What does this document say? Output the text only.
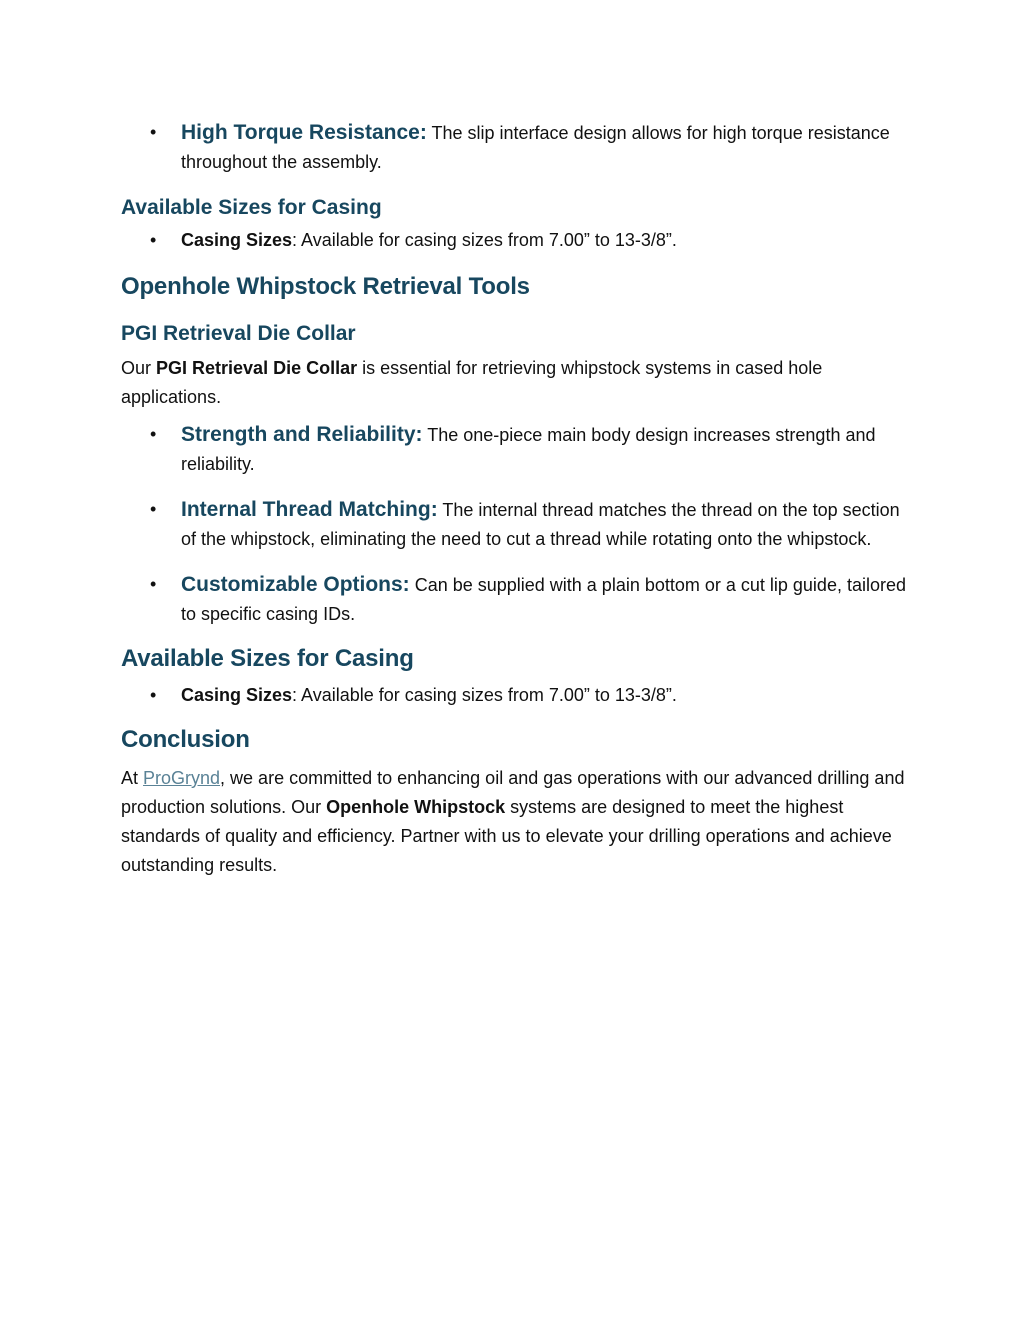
• High Torque Resistance: The slip interface design allows for high torque resistance throughout the assembly.
Available Sizes for Casing
• Casing Sizes: Available for casing sizes from 7.00” to 13-3/8”.
Openhole Whipstock Retrieval Tools
PGI Retrieval Die Collar

Our PGI Retrieval Die Collar is essential for retrieving whipstock systems in cased hole applications.

• Strength and Reliability: The one-piece main body design increases strength and reliability.
• Internal Thread Matching: The internal thread matches the thread on the top section of the whipstock, eliminating the need to cut a thread while rotating onto the whipstock.
• Customizable Options: Can be supplied with a plain bottom or a cut lip guide, tailored to specific casing IDs.
Available Sizes for Casing
• Casing Sizes: Available for casing sizes from 7.00” to 13-3/8”.
Conclusion

At ProGrynd, we are committed to enhancing oil and gas operations with our advanced drilling and production solutions. Our Openhole Whipstock systems are designed to meet the highest standards of quality and efficiency. Partner with us to elevate your drilling operations and achieve outstanding results.
